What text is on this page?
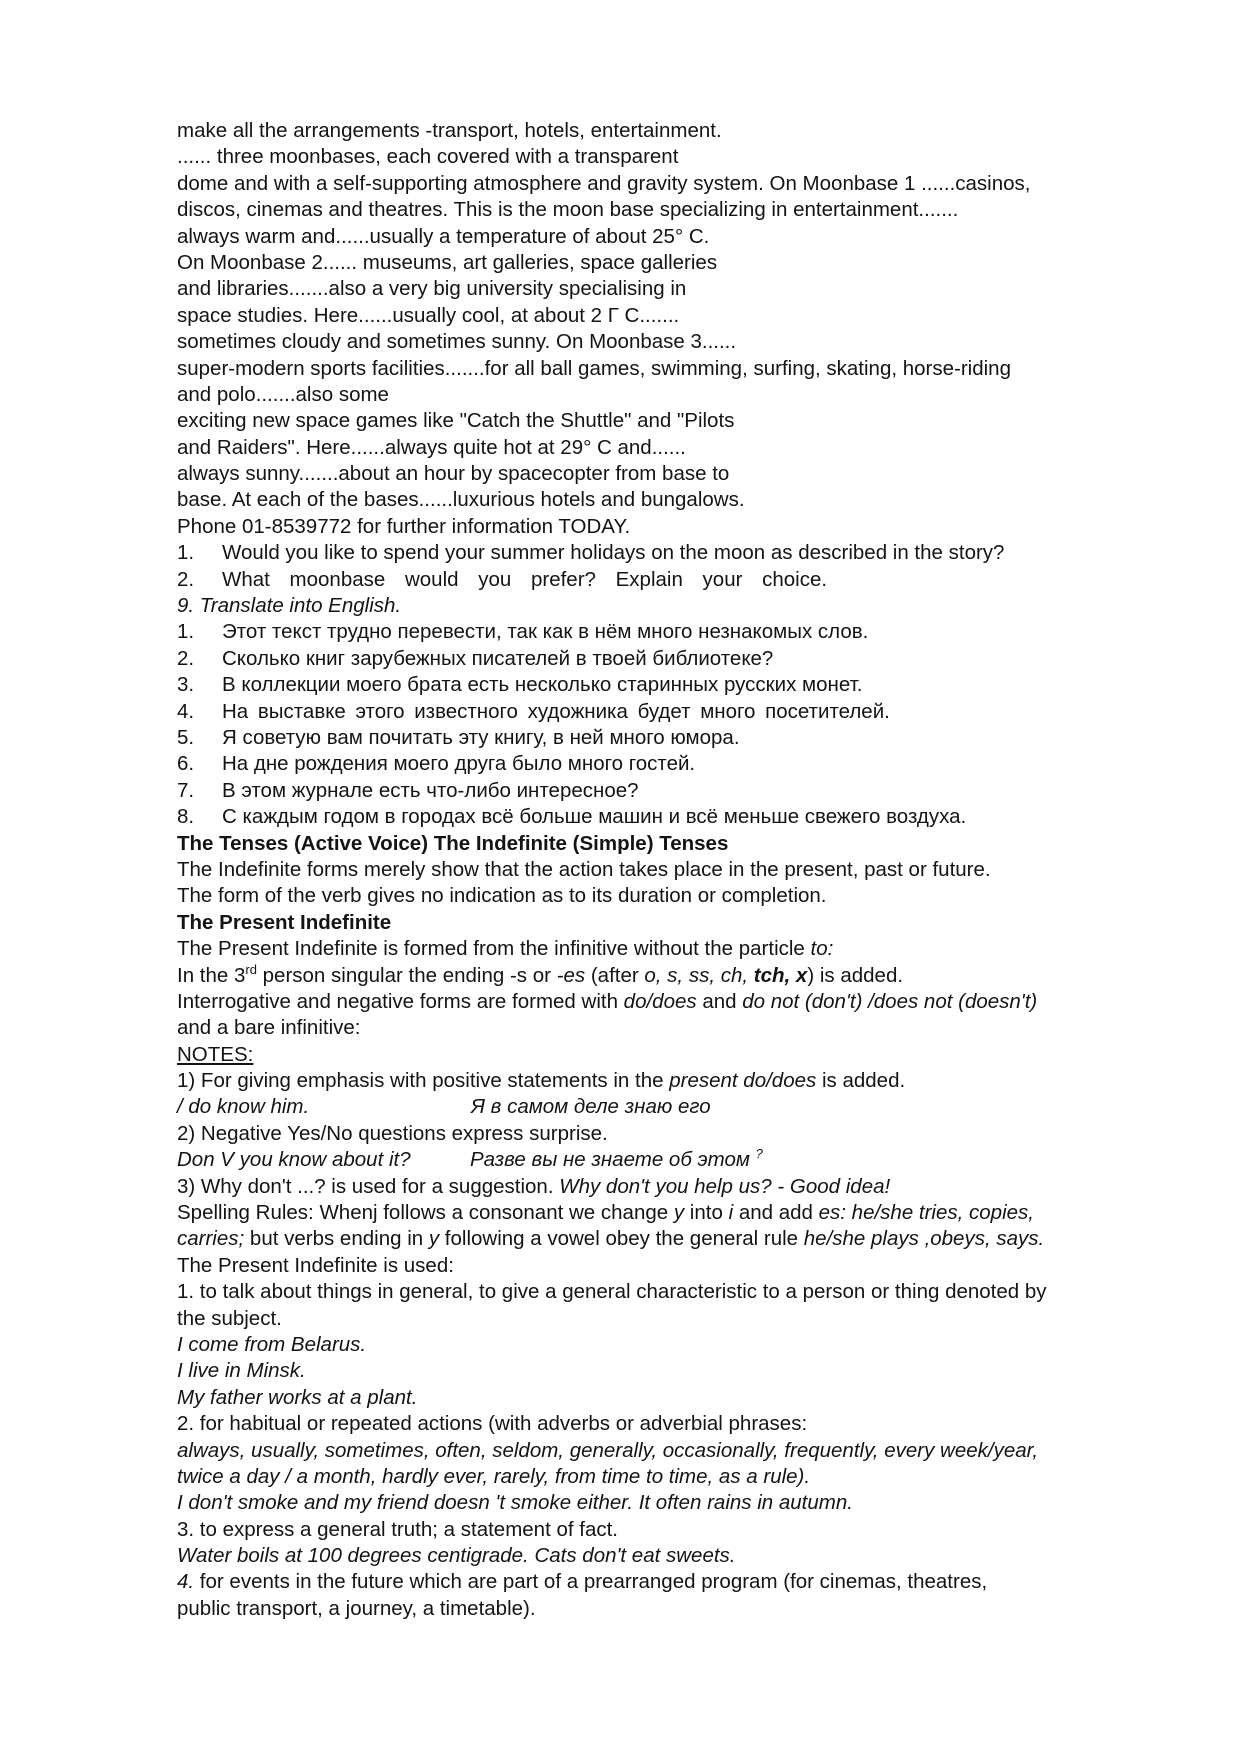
make all the arrangements -transport, hotels, entertainment.
...... three moonbases, each covered with a transparent
dome and with a self-supporting atmosphere and gravity system. On Moonbase 1 ......casinos,
discos, cinemas and theatres. This is the moon base specializing in entertainment.......
always warm and......usually a temperature of about 25° C.
On Moonbase 2...... museums, art galleries, space galleries
and libraries.......also a very big university specialising in
space studies. Here......usually cool, at about 2 Г C.......
sometimes cloudy and sometimes sunny. On Moonbase 3......
super-modern sports facilities.......for all ball games, swimming, surfing, skating, horse-riding
and polo.......also some
exciting new space games like "Catch the Shuttle" and "Pilots
and Raiders". Here......always quite hot at 29° C and......
always sunny.......about an hour by spacecopter from base to
base. At each of the bases......luxurious hotels and bungalows.
Phone 01-8539772 for further information TODAY.
1. Would you like to spend your summer holidays on the moon as described in the story?
2. What moonbase would you prefer? Explain your choice.
9. Translate into English.
1. Этот текст трудно перевести, так как в нём много незнакомых слов.
2. Сколько книг зарубежных писателей в твоей библиотеке?
3. В коллекции моего брата есть несколько старинных русских монет.
4. На выставке этого известного художника будет много посетителей.
5. Я советую вам почитать эту книгу, в ней много юмора.
6. На дне рождения моего друга было много гостей.
7. В этом журнале есть что-либо интересное?
8. С каждым годом в городах всё больше машин и всё меньше свежего воздуха.
The Tenses (Active Voice) The Indefinite (Simple) Tenses
The Indefinite forms merely show that the action takes place in the present, past or future.
The form of the verb gives no indication as to its duration or completion.
The Present Indefinite
The Present Indefinite is formed from the infinitive without the particle to:
In the 3rd person singular the ending -s or -es (after o, s, ss, ch, tch, x) is added.
Interrogative and negative forms are formed with do/does and do not (don't) /does not (doesn't)
and a bare infinitive:
NOTES:
1) For giving emphasis with positive statements in the present do/does is added.
/ do know him.	Я в самом деле знаю его
2) Negative Yes/No questions express surprise.
Don V you know about it?	Разве вы не знаете об этом ?
3) Why don't ...? is used for a suggestion. Why don't you help us? - Good idea!
Spelling Rules: Whenj follows a consonant we change y into i and add es: he/she tries, copies,
carries; but verbs ending in y following a vowel obey the general rule he/she plays ,obeys, says.
The Present Indefinite is used:
1. to talk about things in general, to give a general characteristic to a person or thing denoted by
the subject.
I come from Belarus.
I live in Minsk.
My father works at a plant.
2. for habitual or repeated actions (with adverbs or adverbial phrases:
always, usually, sometimes, often, seldom, generally, occasionally, frequently, every week/year,
twice a day / a month, hardly ever, rarely, from time to time, as a rule).
I don't smoke and my friend doesn 't smoke either. It often rains in autumn.
3. to express a general truth; a statement of fact.
Water boils at 100 degrees centigrade. Cats don't eat sweets.
4. for events in the future which are part of a prearranged program (for cinemas, theatres,
public transport, a journey, a timetable).
